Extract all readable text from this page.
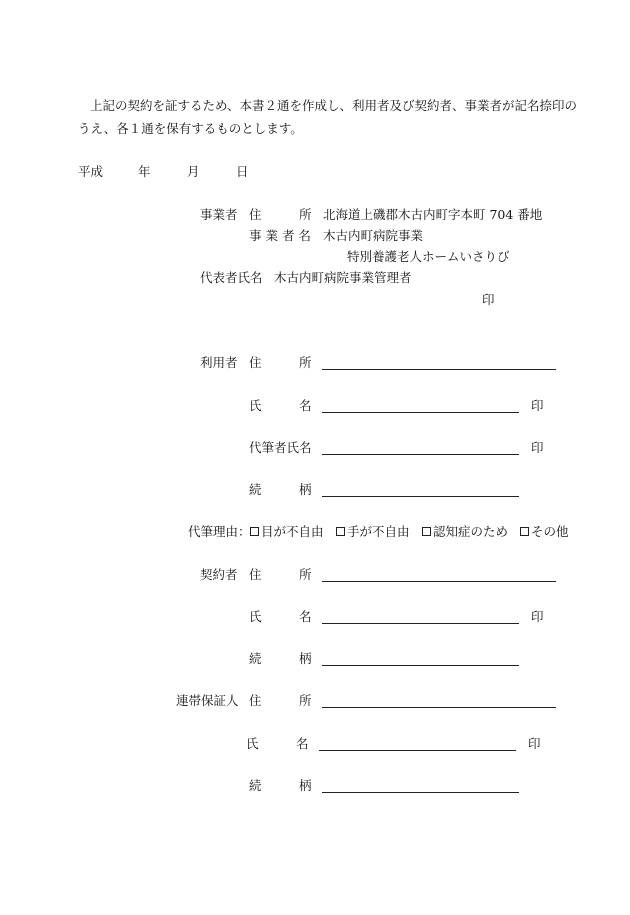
上記の契約を証するため、本書２通を作成し、利用者及び契約者、事業者が記名捺印の
うえ、各１通を保有するものとします。
平成	年	月	日
事業者 住	所 北海道上磯郡木古内町字本町 704 番地
事 業 者 名 木古内町病院事業
特別養護老人ホームいさりび
代表者氏名 木古内町病院事業管理者
印
利用者 住	所
氏	名	印
代筆者氏名	印
続	柄
代筆理由： 目が不自由 手が不自由 認知症のため その他
契約者 住	所
氏	名	印
続	柄
連帯保証人 住	所
氏	名	印
続	柄
